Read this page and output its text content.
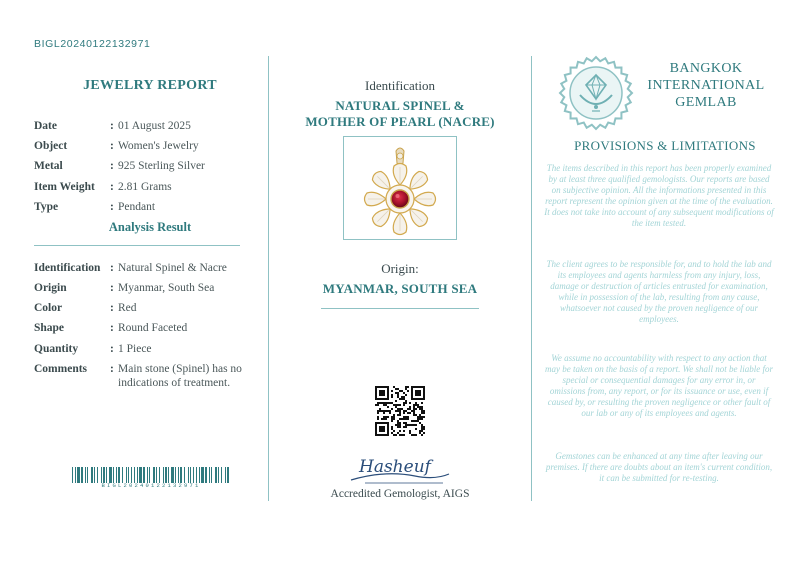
BIGL20240122132971
JEWELRY REPORT
Date	: 01 August 2025
Object	: Women's Jewelry
Metal	: 925 Sterling Silver
Item Weight	: 2.81 Grams
Type	: Pendant
Analysis Result
Identification : Natural Spinel & Nacre
Origin	: Myanmar, South Sea
Color	: Red
Shape	: Round Faceted
Quantity	: 1 Piece
Comments	: Main stone (Spinel) has no indications of treatment.
BIGL20240122132971
Identification
NATURAL SPINEL &
MOTHER OF PEARL (NACRE)
Origin:
MYANMAR, SOUTH SEA
Hasheuf
Accredited Gemologist, AIGS
BANGKOK
INTERNATIONAL
GEMLAB
PROVISIONS & LIMITATIONS
The items described in this report has been properly examined by at least three qualified gemologists. Our reports are based on subjective opinion. All the informations presented in this report represent the opinion given at the time of the evaluation. It does not take into account of any subsequent modifications of the item tested.
The client agrees to be responsible for, and to hold the lab and its employees and agents harmless from any injury, loss, damage or destruction of articles entrusted for examination, while in possession of the lab, resulting from any cause, whatsoever not caused by the proven negligence of our employees.
We assume no accountability with respect to any action that may be taken on the basis of a report. We shall not be liable for special or consequential damages for any error in, or omissions from, any report, or for its issuance or use, even if caused by, or resulting the proven negligence or other fault of our lab or any of its employees and agents.
Gemstones can be enhanced at any time after leaving our premises. If there are doubts about an item's current condition, it can be submitted for re-testing.
